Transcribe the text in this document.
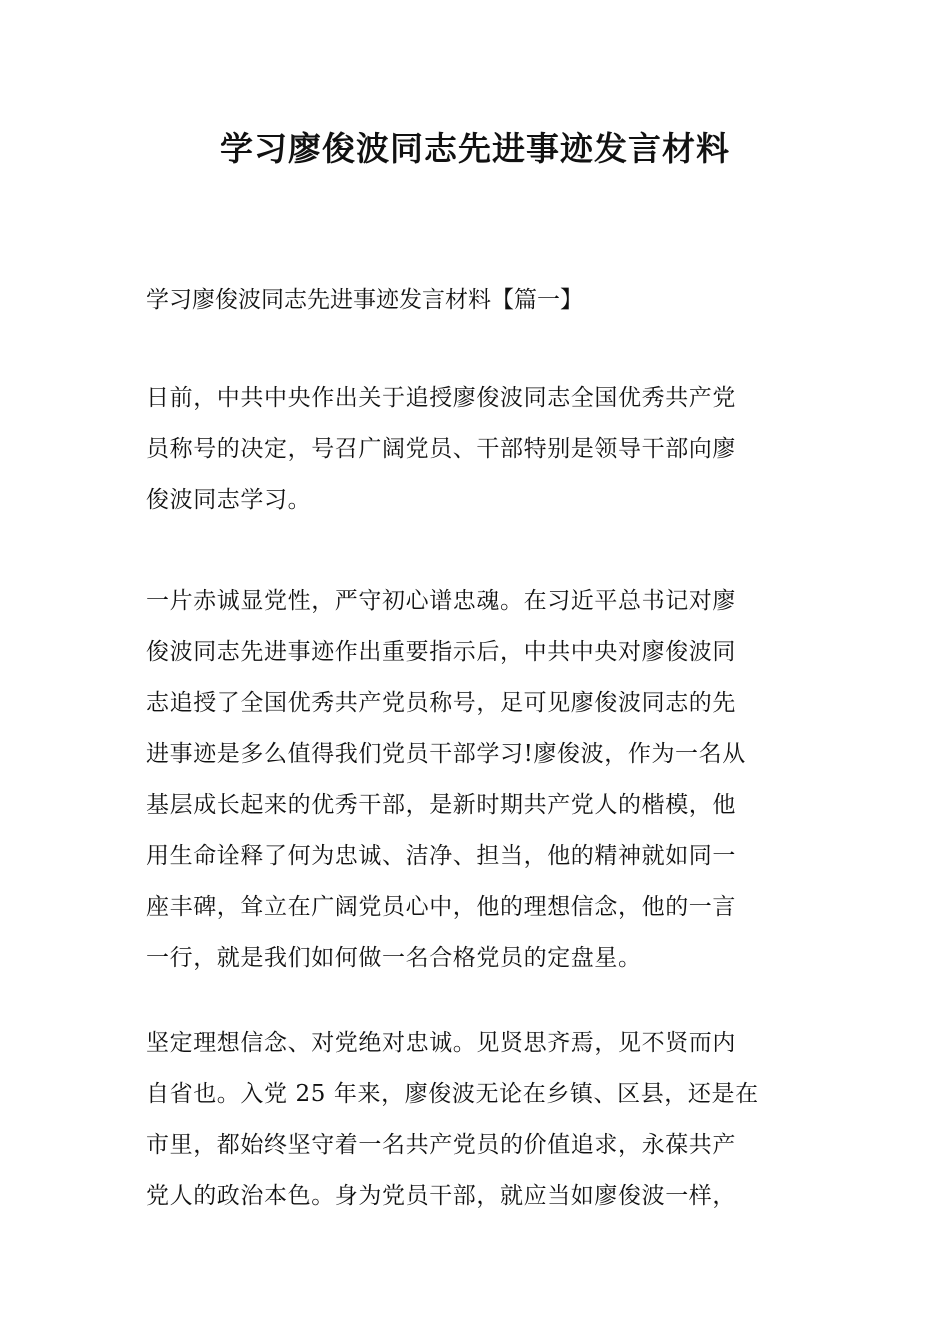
学习廖俊波同志先进事迹发言材料

学习廖俊波同志先进事迹发言材料【篇一】

日前，中共中央作出关于追授廖俊波同志全国优秀共产党
员称号的决定，号召广阔党员、干部特别是领导干部向廖
俊波同志学习。
一片赤诚显党性，严守初心谱忠魂。在习近平总书记对廖
俊波同志先进事迹作出重要指示后，中共中央对廖俊波同
志追授了全国优秀共产党员称号，足可见廖俊波同志的先
进事迹是多么值得我们党员干部学习!廖俊波，作为一名从
基层成长起来的优秀干部，是新时期共产党人的楷模，他
用生命诠释了何为忠诚、洁净、担当，他的精神就如同一
座丰碑，耸立在广阔党员心中，他的理想信念，他的一言
一行，就是我们如何做一名合格党员的定盘星。
坚定理想信念、对党绝对忠诚。见贤思齐焉，见不贤而内
自省也。入党 25 年来，廖俊波无论在乡镇、区县，还是在
市里，都始终坚守着一名共产党员的价值追求，永葆共产
党人的政治本色。身为党员干部，就应当如廖俊波一样，
